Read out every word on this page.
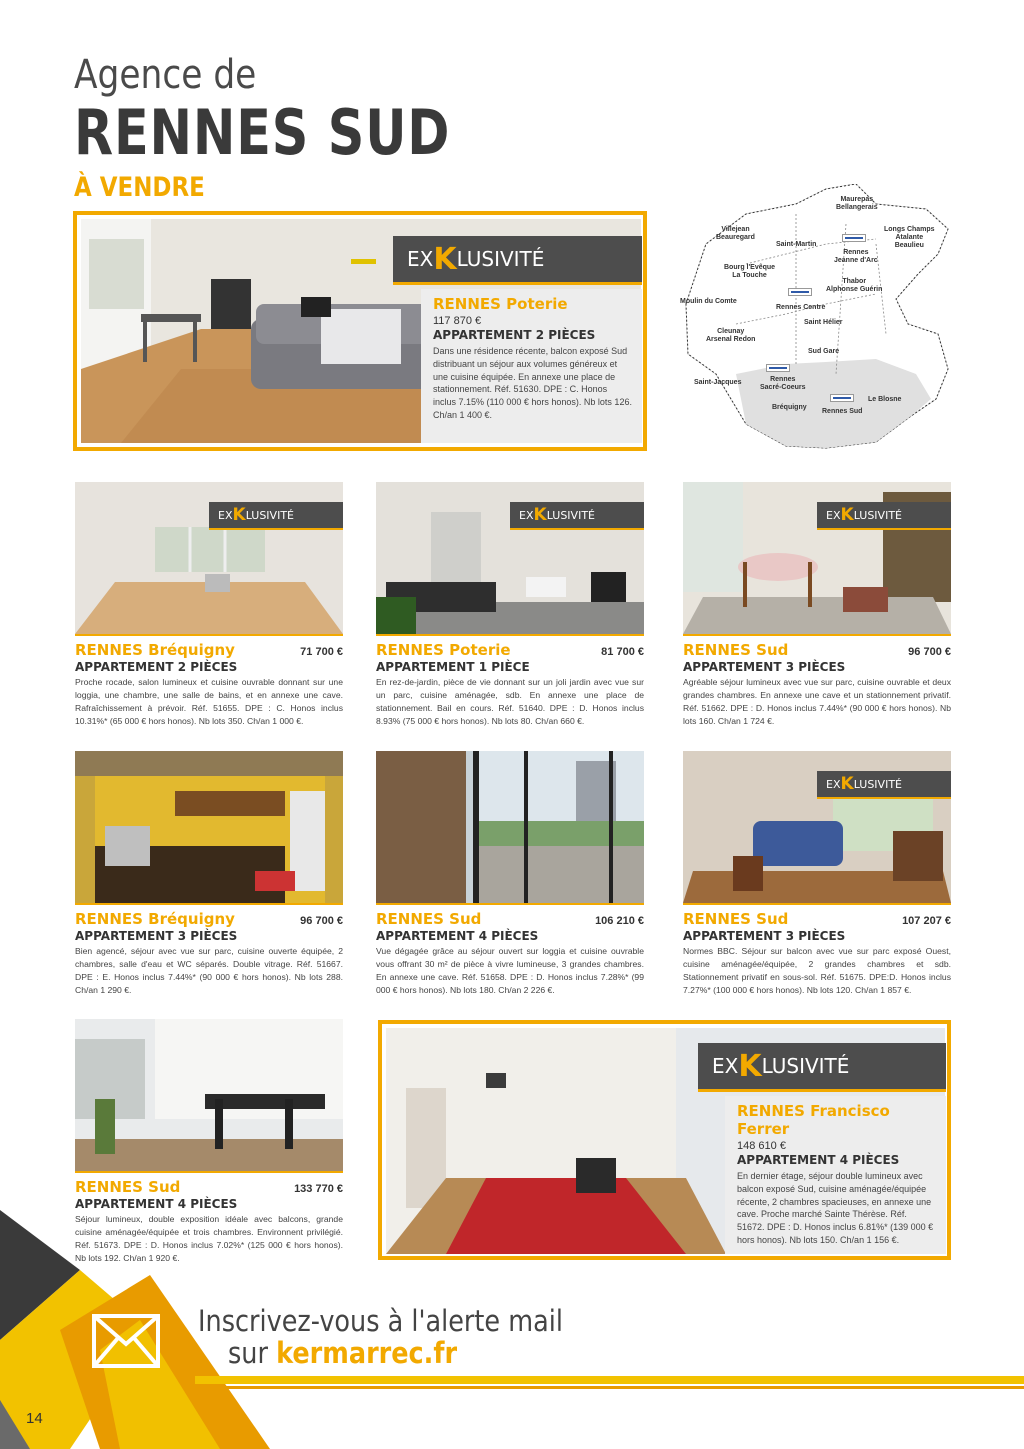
Agence de
RENNES SUD
À VENDRE
EX K LUSIVITÉ
RENNES Poterie
117 870 €
APPARTEMENT 2 PIÈCES
Dans une résidence récente, balcon exposé Sud distribuant un séjour aux volumes généreux et une cuisine équipée. En annexe une place de stationnement. Réf. 51630. DPE : C. Honos inclus 7.15% (110 000 € hors honos). Nb lots 126. Ch/an 1 400 €.
Maurepas
Bellangerais
Villejean
Beauregard
Saint-Martin
Longs Champs
Atalante
Beaulieu
Rennes
Jeanne d'Arc
Bourg l'Evêque
La Touche
Thabor
Alphonse Guérin
Moulin du Comte
Rennes Centre
Saint Hélier
Cleunay
Arsenal Redon
Sud Gare
Saint-Jacques	Rennes
Sacré-Coeurs
Bréquigny
Le Blosne
Rennes Sud
EX K LUSIVITÉ
RENNES Bréquigny	71 700 €
APPARTEMENT 2 PIÈCES
Proche rocade, salon lumineux et cuisine ouvrable donnant sur une loggia, une chambre, une salle de bains, et en annexe une cave. Rafraîchissement à prévoir. Réf. 51655. DPE : C. Honos inclus 10.31%* (65 000 € hors honos). Nb lots 350. Ch/an 1 000 €.
EX K LUSIVITÉ
RENNES Poterie	81 700 €
APPARTEMENT 1 PIÈCE
En rez-de-jardin, pièce de vie donnant sur un joli jardin avec vue sur un parc, cuisine aménagée, sdb. En annexe une place de stationnement. Bail en cours. Réf. 51640. DPE : D. Honos inclus 8.93% (75 000 € hors honos). Nb lots 80. Ch/an 660 €.
EX K LUSIVITÉ
RENNES Sud	96 700 €
APPARTEMENT 3 PIÈCES
Agréable séjour lumineux avec vue sur parc, cuisine ouvrable et deux grandes chambres. En annexe une cave et un stationnement privatif. Réf. 51662. DPE : D. Honos inclus 7.44%* (90 000 € hors honos). Nb lots 160. Ch/an 1 724 €.
RENNES Bréquigny	96 700 €
APPARTEMENT 3 PIÈCES
Bien agencé, séjour avec vue sur parc, cuisine ouverte équipée, 2 chambres, salle d'eau et WC séparés. Double vitrage. Réf. 51667. DPE : E. Honos inclus 7.44%* (90 000 € hors honos). Nb lots 288. Ch/an 1 290 €.
RENNES Sud	106 210 €
APPARTEMENT 4 PIÈCES
Vue dégagée grâce au séjour ouvert sur loggia et cuisine ouvrable vous offrant 30 m² de pièce à vivre lumineuse, 3 grandes chambres. En annexe une cave. Réf. 51658. DPE : D. Honos inclus 7.28%* (99 000 € hors honos). Nb lots 180. Ch/an 2 226 €.
EX K LUSIVITÉ
RENNES Sud	107 207 €
APPARTEMENT 3 PIÈCES
Normes BBC. Séjour sur balcon avec vue sur parc exposé Ouest, cuisine aménagée/équipée, 2 grandes chambres et sdb. Stationnement privatif en sous-sol. Réf. 51675. DPE:D. Honos inclus 7.27%* (100 000 € hors honos). Nb lots 120. Ch/an 1 857 €.
RENNES Sud	133 770 €
APPARTEMENT 4 PIÈCES
Séjour lumineux, double exposition idéale avec balcons, grande cuisine aménagée/équipée et trois chambres. Environnent privilégié. Réf. 51673. DPE : D. Honos inclus 7.02%* (125 000 € hors honos). Nb lots 192. Ch/an 1 920 €.
EX K LUSIVITÉ
RENNES Francisco Ferrer
148 610 €
APPARTEMENT 4 PIÈCES
En dernier étage, séjour double lumineux avec balcon exposé Sud, cuisine aménagée/équipée récente, 2 chambres spacieuses, en annexe une cave. Proche marché Sainte Thérèse. Réf. 51672. DPE : D. Honos inclus 6.81%* (139 000 € hors honos). Nb lots 150. Ch/an 1 156 €.
Inscrivez-vous à l'alerte mail
sur kermarrec.fr
14
